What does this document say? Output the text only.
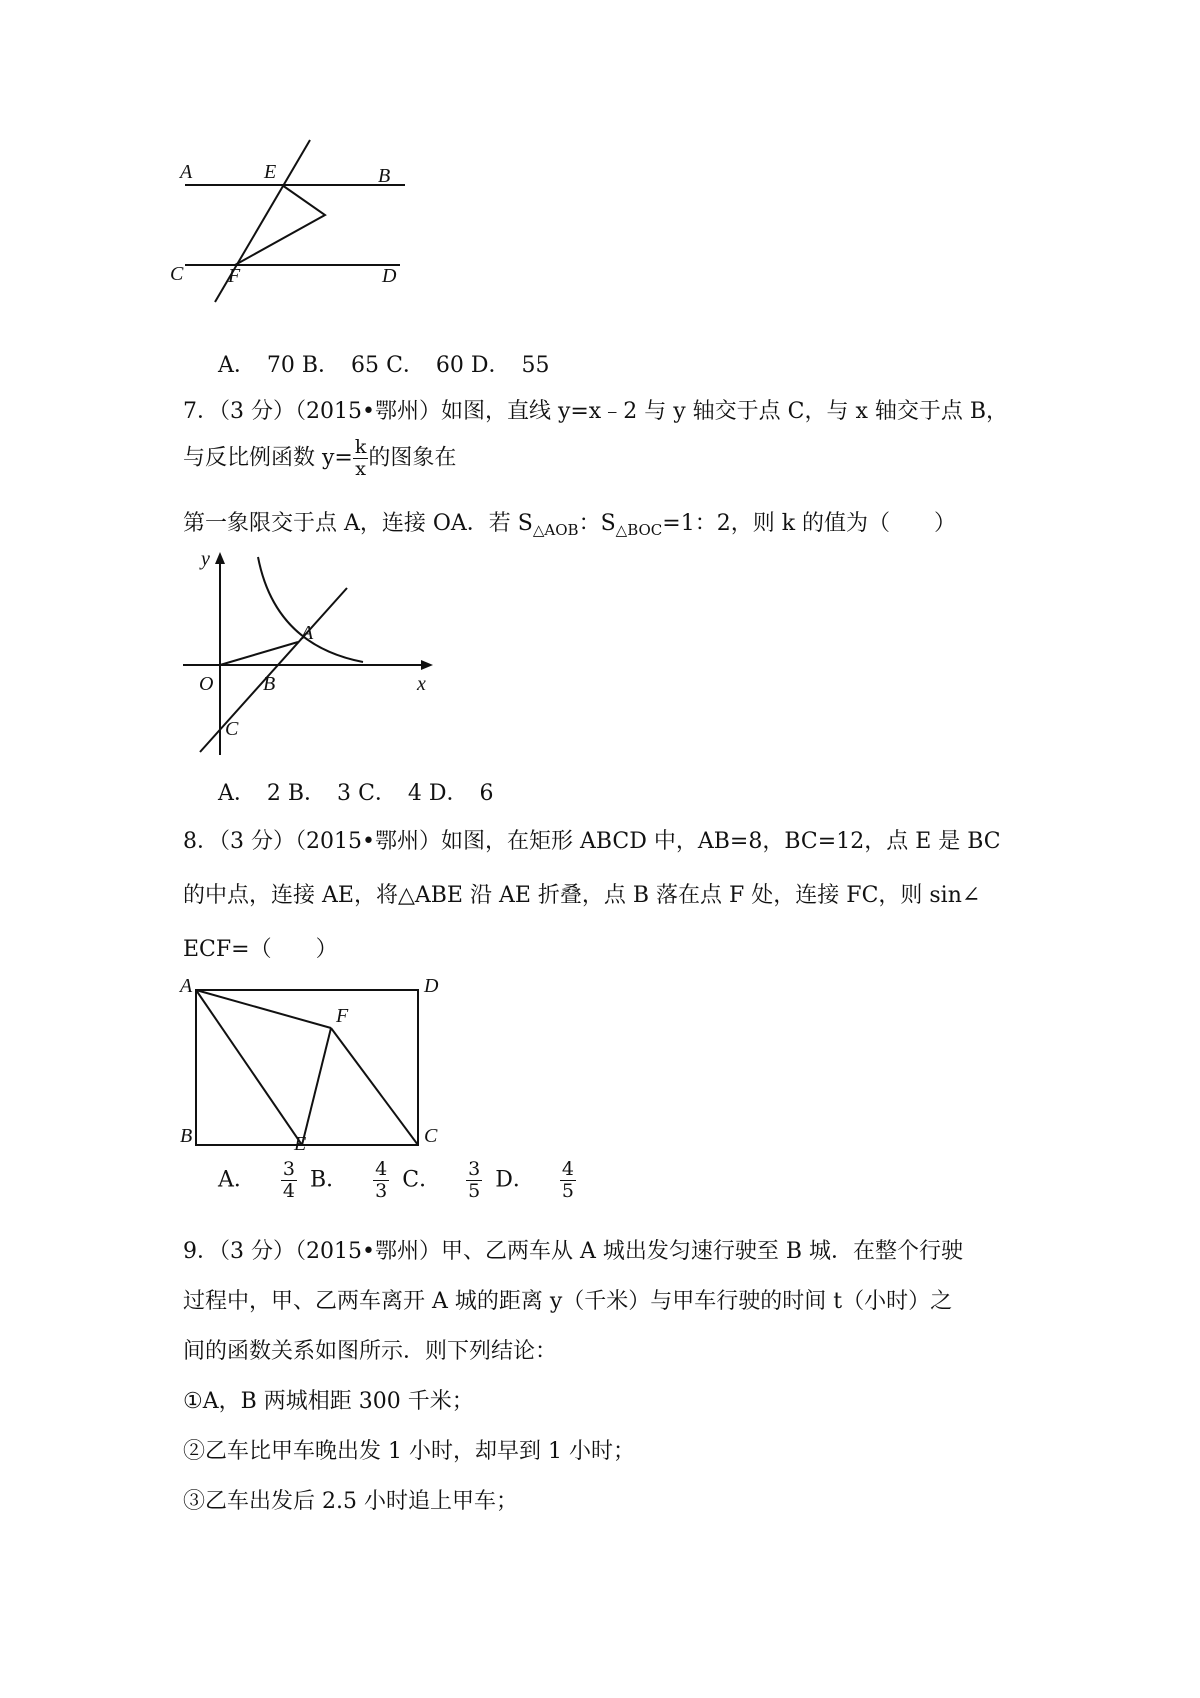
A	E	B
C F	D
A．　70 B．　65 C．　60 D．　55
7．（3 分）（2015•鄂州）如图，直线 y=x﹣2 与 y 轴交于点 C，与 x 轴交于点 B，
与反比例函数 $y= \frac{k}{x}$ 的图象在
第一象限交于点 A，连接 OA．若 $S_{\triangle AOB}$：$S_{\triangle BOC}=1$：2，则 k 的值为（　　）
y
A
O B	x
C
A．　2 B．　3 C．　4 D．　6
8．（3 分）（2015•鄂州）如图，在矩形 ABCD 中，AB=8，BC=12，点 E 是 BC
的中点，连接 AE，将△ABE 沿 AE 折叠，点 B 落在点 F 处，连接 FC，则 sin∠
ECF=（　　）
A	D
F
B	E	C
A． $\frac{3}{4}$ B． $\frac{4}{3}$ C． $\frac{3}{5}$ D． $\frac{4}{5}$
9．（3 分）（2015•鄂州）甲、乙两车从 A 城出发匀速行驶至 B 城．在整个行驶
过程中，甲、乙两车离开 A 城的距离 y（千米）与甲车行驶的时间 t（小时）之
间的函数关系如图所示．则下列结论：
①A，B 两城相距 300 千米；
②乙车比甲车晚出发 1 小时，却早到 1 小时；
③乙车出发后 2.5 小时追上甲车；
